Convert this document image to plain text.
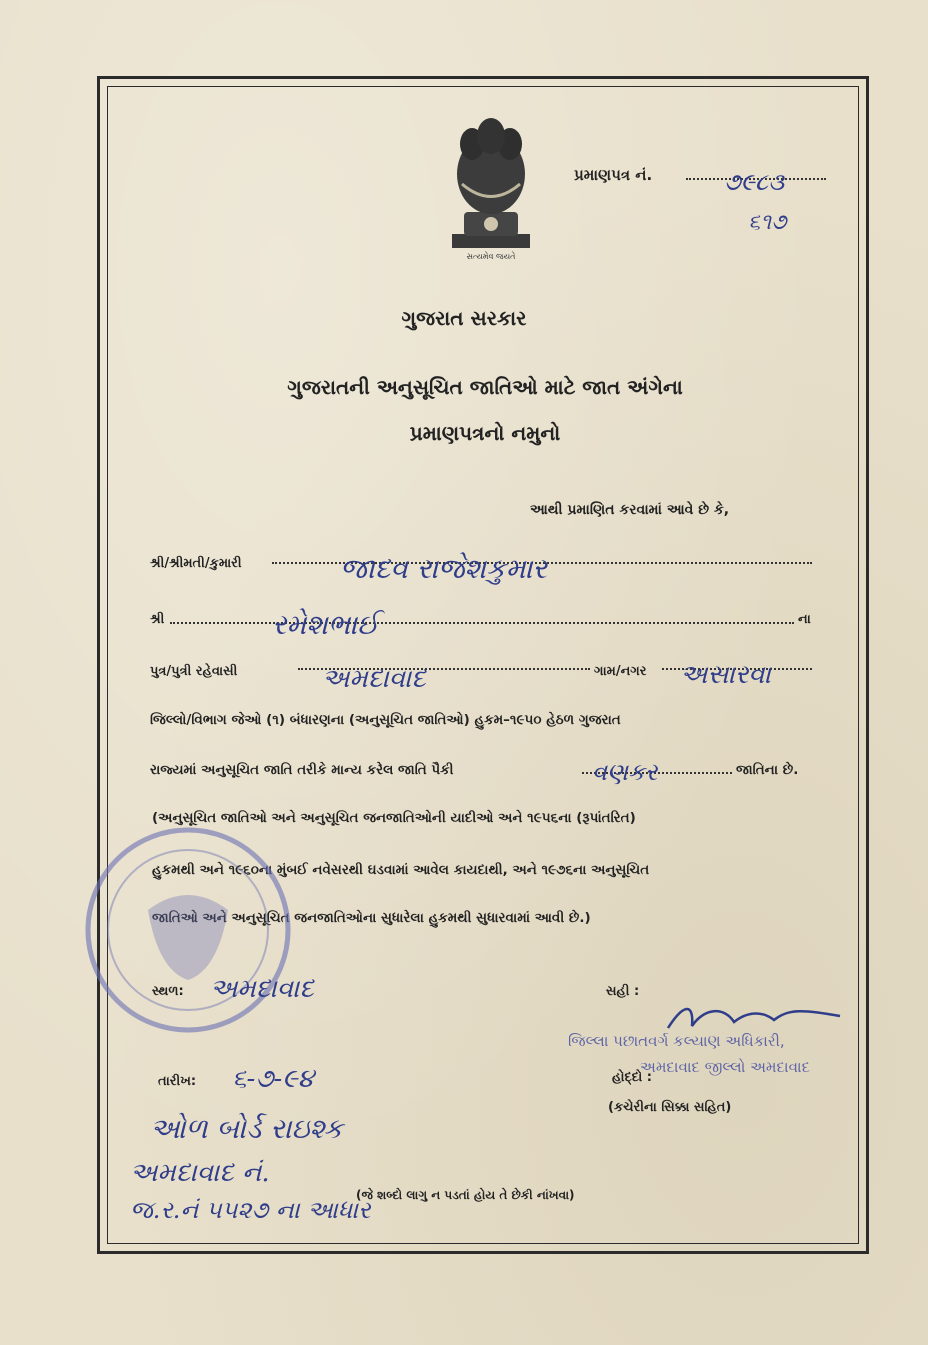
સત્યમેવ જયતે
પ્રમાણપત્ર નં.	૭૯૮૩
૬૧૭
ગુજરાત સરકાર
ગુજરાતની અનુસૂચિત જાતિઓ માટે જાત અંગેના
પ્રમાણપત્રનો નમુનો
આથી પ્રમાણિત કરવામાં આવે છે કે,
શ્રી/શ્રીમતી/કુમારી	જાદવ રાજેશકુમાર
શ્રી	રમેશભાઈ	ના
પુત્ર/પુત્રી રહેવાસી	અમદાવાદ	ગામ/નગર અસારવા
જિલ્લો/વિભાગ જેઓ (૧) બંધારણના (અનુસૂચિત જાતિઓ) હુકમ–૧૯૫૦ હેઠળ ગુજરાત
રાજ્યમાં અનુસૂચિત જાતિ તરીકે માન્ય કરેલ જાતિ પૈકી	વણકર	જાતિના છે.
(અનુસૂચિત જાતિઓ અને અનુસૂચિત જનજાતિઓની યાદીઓ અને ૧૯૫૬ના (રૂપાંતરિત)
હુકમથી અને ૧૯૬૦ના મુંબઈ નવેસરથી ઘડવામાં આવેલ કાયદાથી, અને ૧૯૭૬ના અનુસૂચિત
જાતિઓ અને અનુસૂચિત જનજાતિઓના સુધારેલા હુકમથી સુધારવામાં આવી છે.)
સ્થળ: અમદાવાદ	સહી :
જિલ્લા પછાતવર્ગ કલ્યાણ અધિકારી,
અમદાવાદ જીલ્લો અમદાવાદ
હોદ્દો :
(કચેરીના સિક્કા સહિત)
તારીખ: ૬-૭-૯૪
ઓળ બોર્ડ રાઇશ્ક
અમદાવાદ નં.
જ.ર.નં ૫૫૨૭ ના આધાર
(જે શબ્દો લાગુ ન પડતાં હોય તે છેકી નાંખવા)
